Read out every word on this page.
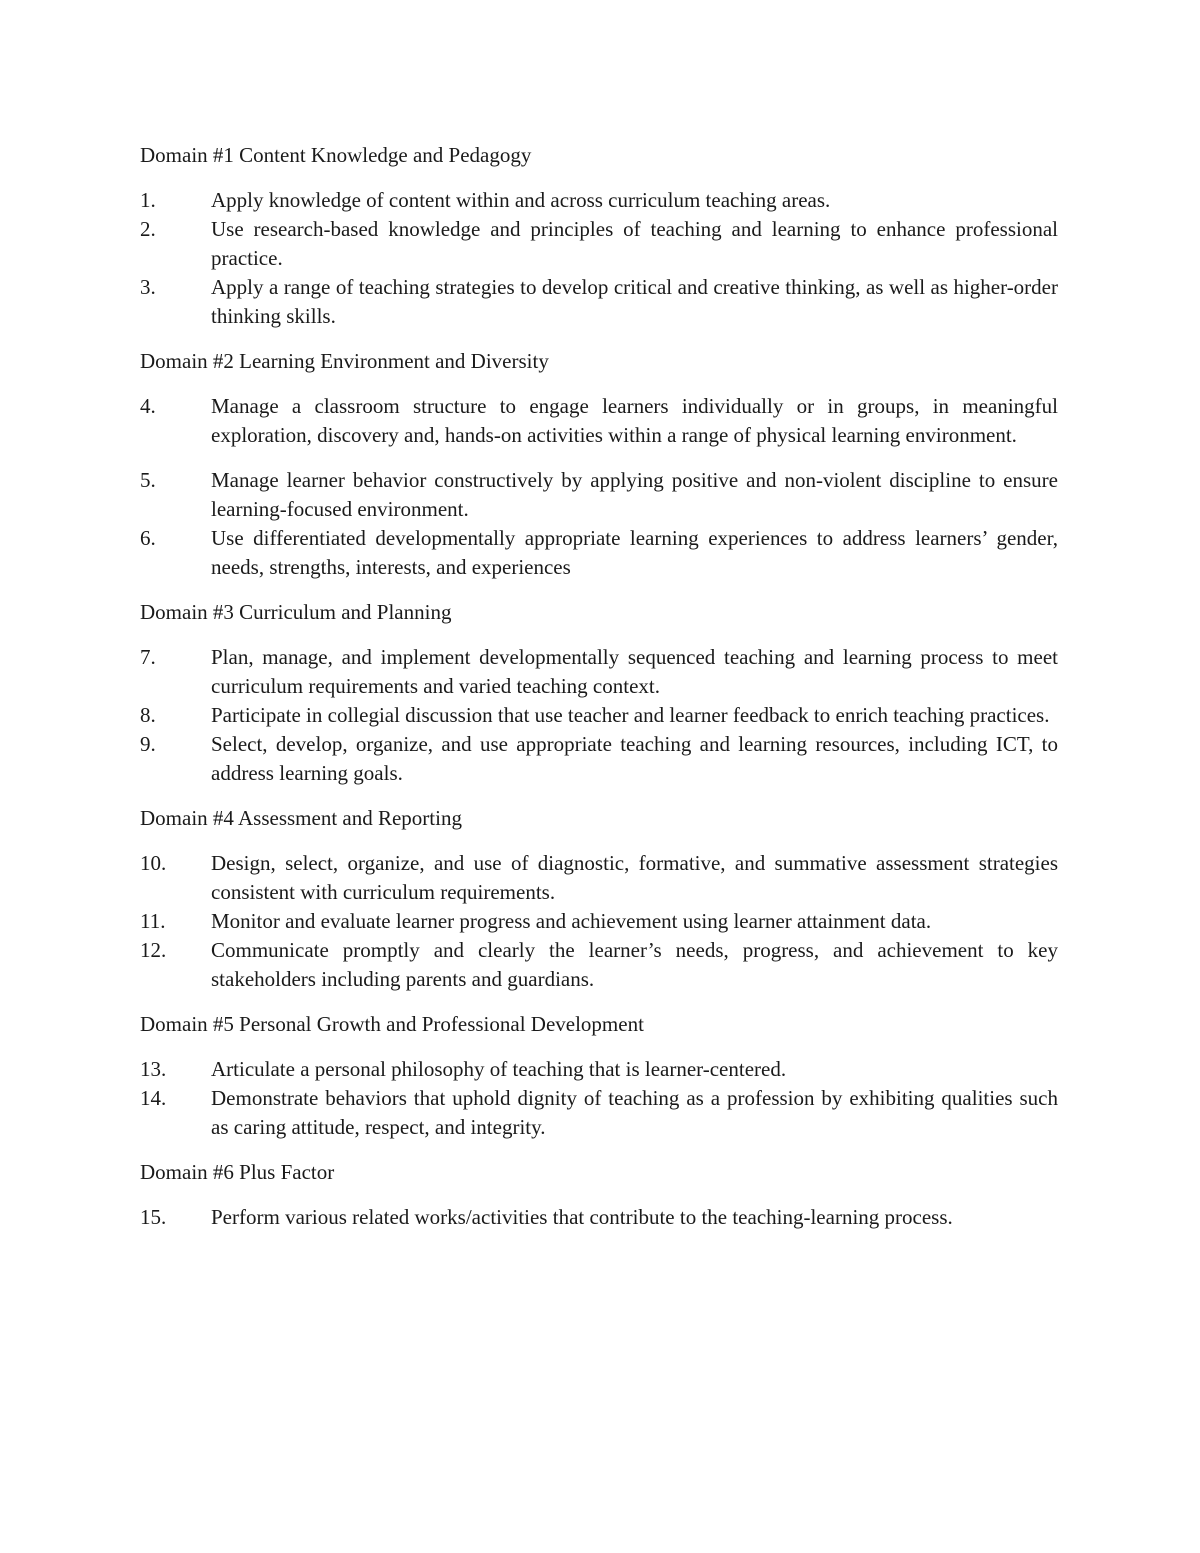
Domain #1 Content Knowledge and Pedagogy
1.	Apply knowledge of content within and across curriculum teaching areas.
2.	Use research-based knowledge and principles of teaching and learning to enhance professional practice.
3.	Apply a range of teaching strategies to develop critical and creative thinking, as well as higher-order thinking skills.
Domain #2 Learning Environment and Diversity
4.	Manage a classroom structure to engage learners individually or in groups, in meaningful exploration, discovery and, hands-on activities within a range of physical learning environment.
5.	Manage learner behavior constructively by applying positive and non-violent discipline to ensure learning-focused environment.
6.	Use differentiated developmentally appropriate learning experiences to address learners’ gender, needs, strengths, interests, and experiences
Domain #3 Curriculum and Planning
7.	Plan, manage, and implement developmentally sequenced teaching and learning process to meet curriculum requirements and varied teaching context.
8.	Participate in collegial discussion that use teacher and learner feedback to enrich teaching practices.
9.	Select, develop, organize, and use appropriate teaching and learning resources, including ICT, to address learning goals.
Domain #4 Assessment and Reporting
10.	Design, select, organize, and use of diagnostic, formative, and summative assessment strategies consistent with curriculum requirements.
11.	Monitor and evaluate learner progress and achievement using learner attainment data.
12.	Communicate promptly and clearly the learner’s needs, progress, and achievement to key stakeholders including parents and guardians.
Domain #5 Personal Growth and Professional Development
13.	Articulate a personal philosophy of teaching that is learner-centered.
14.	Demonstrate behaviors that uphold dignity of teaching as a profession by exhibiting qualities such as caring attitude, respect, and integrity.
Domain #6 Plus Factor
15.	Perform various related works/activities that contribute to the teaching-learning process.
